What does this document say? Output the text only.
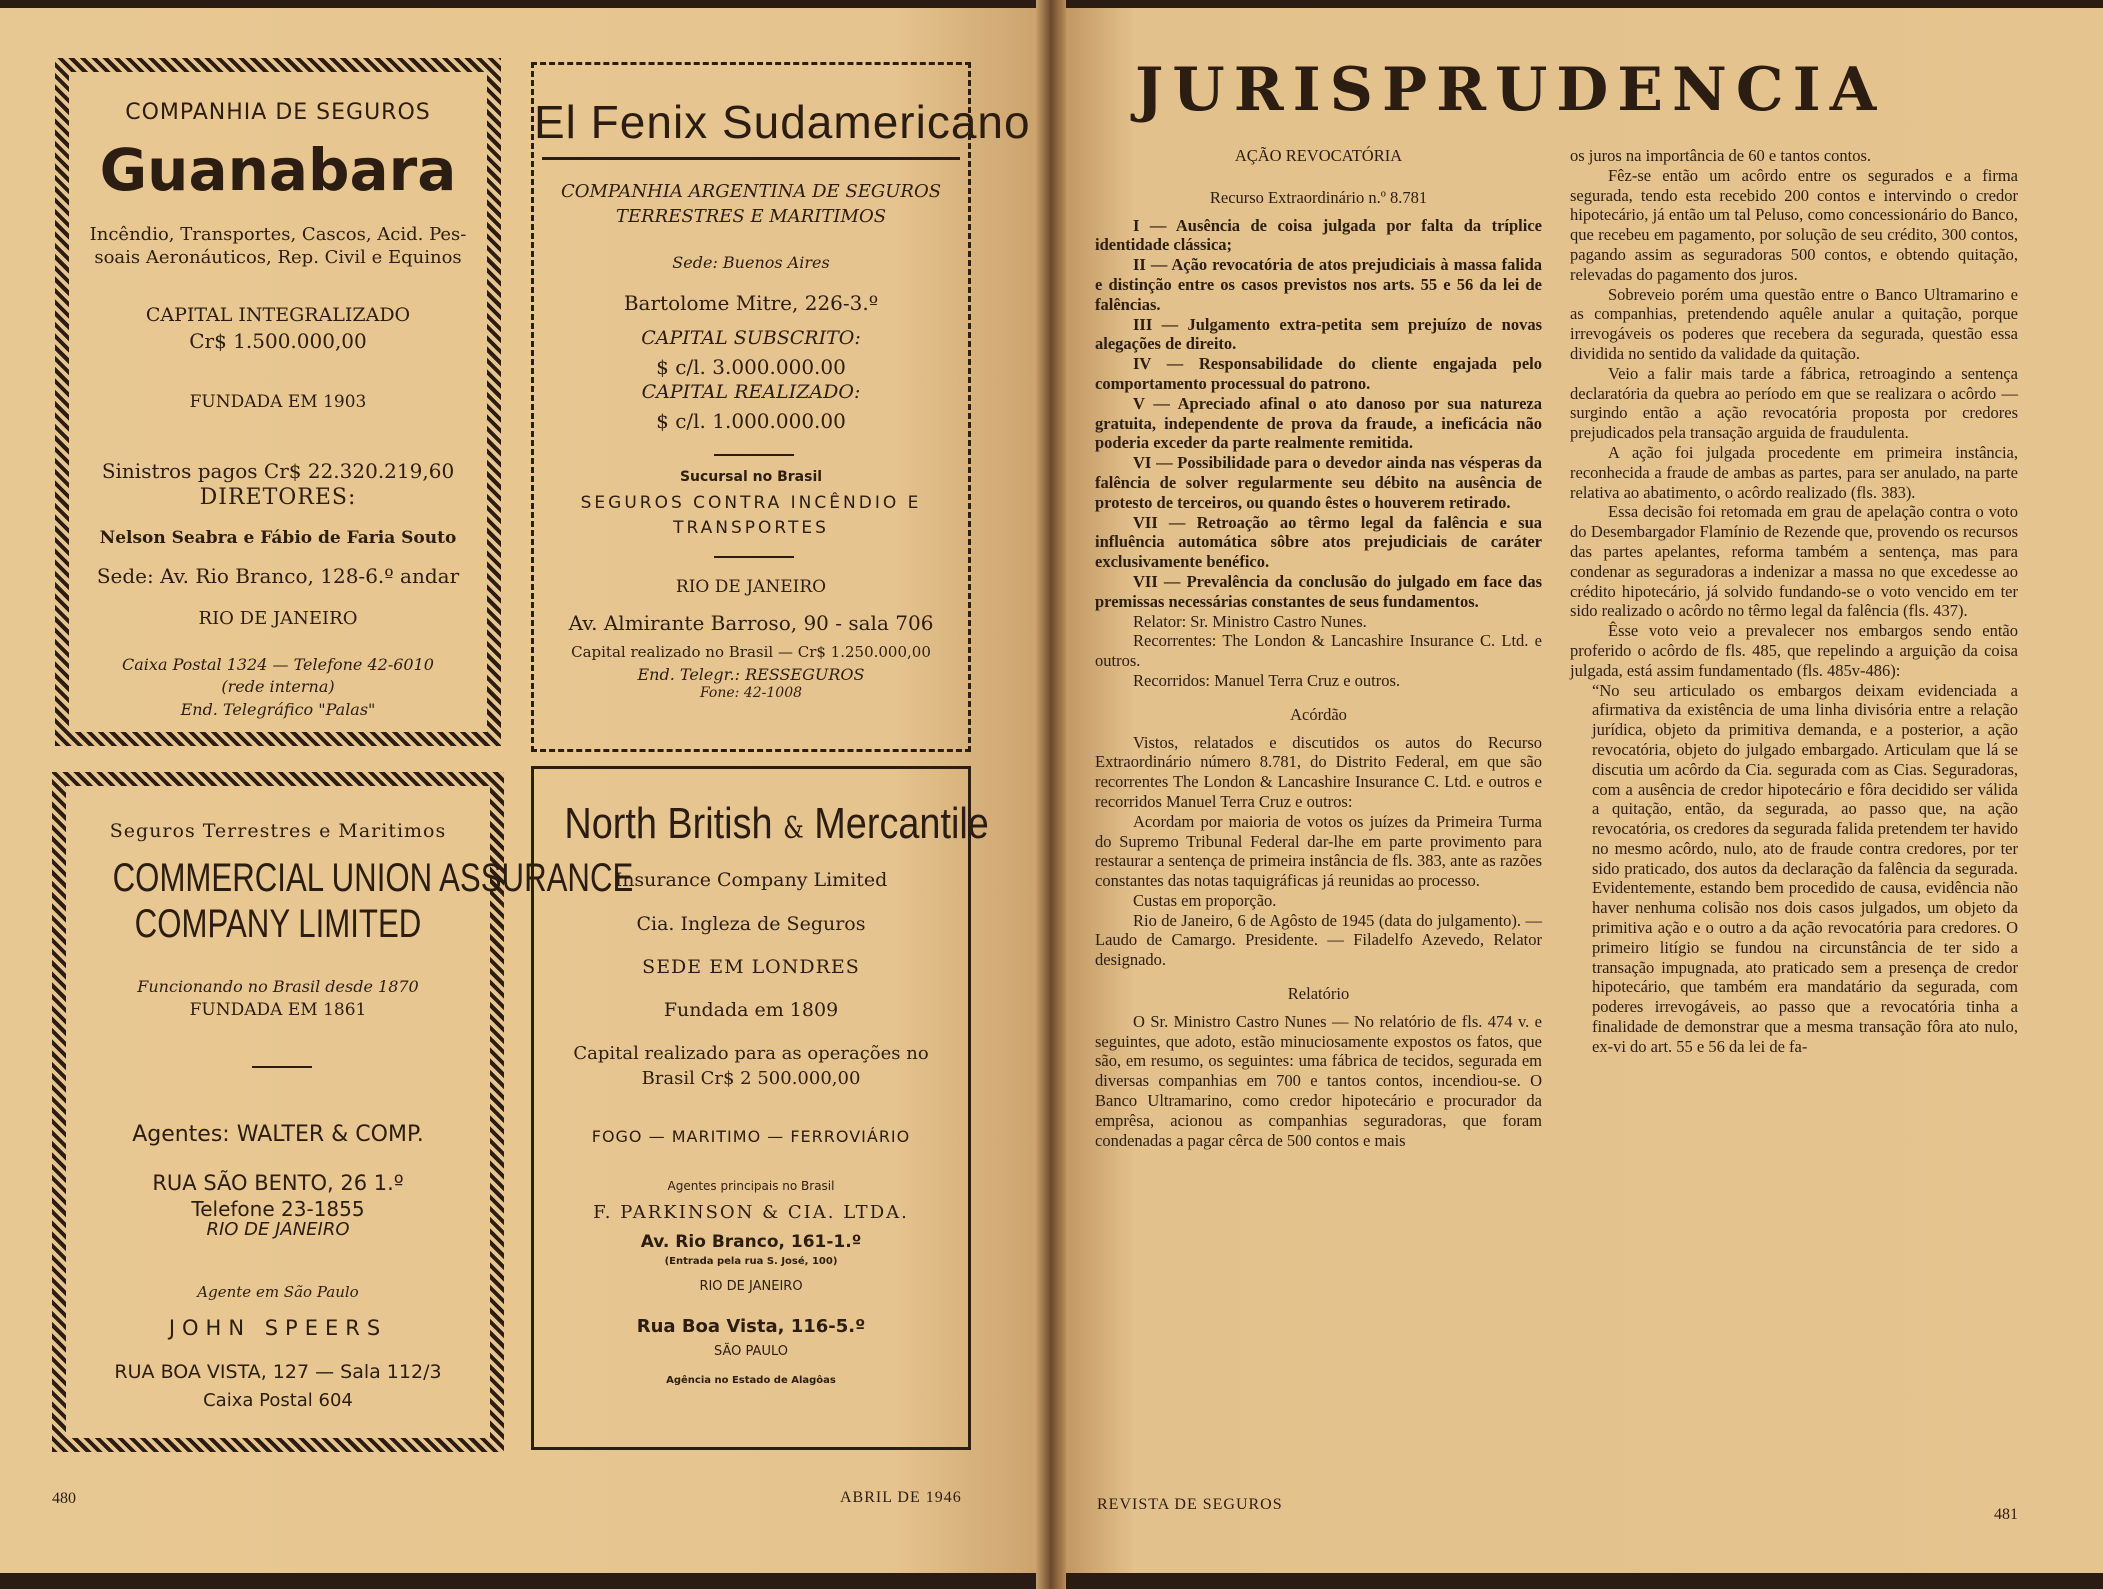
COMPANHIA DE SEGUROS
Guanabara
Incêndio, Transportes, Cascos, Acid. Pes-
soais Aeronáuticos, Rep. Civil e Equinos
CAPITAL INTEGRALIZADO
Cr$ 1.500.000,00
FUNDADA EM 1903
Sinistros pagos Cr$ 22.320.219,60
DIRETORES:
Nelson Seabra e Fábio de Faria Souto
Sede: Av. Rio Branco, 128-6.º andar
RIO DE JANEIRO
Caixa Postal 1324 — Telefone 42-6010
(rede interna)
End. Telegráfico "Palas"
El Fenix Sudamericano
COMPANHIA ARGENTINA DE SEGUROS
TERRESTRES E MARITIMOS
Sede: Buenos Aires
Bartolome Mitre, 226-3.º
CAPITAL SUBSCRITO:
$ c/l. 3.000.000.00
CAPITAL REALIZADO:
$ c/l. 1.000.000.00
Sucursal no Brasil
SEGUROS CONTRA INCÊNDIO E
TRANSPORTES
RIO DE JANEIRO
Av. Almirante Barroso, 90 - sala 706
Capital realizado no Brasil — Cr$ 1.250.000,00
End. Telegr.: RESSEGUROS
Fone: 42-1008
Seguros Terrestres e Maritimos
COMMERCIAL UNION ASSURANCE
COMPANY LIMITED
Funcionando no Brasil desde 1870
FUNDADA EM 1861
Agentes: WALTER & COMP.
RUA SÃO BENTO, 26 1.º
Telefone 23-1855
RIO DE JANEIRO
Agente em São Paulo
JOHN SPEERS
RUA BOA VISTA, 127 — Sala 112/3
Caixa Postal 604
North British & Mercantile
Insurance Company Limited
Cia. Ingleza de Seguros
SEDE EM LONDRES
Fundada em 1809
Capital realizado para as operações no
Brasil Cr$ 2 500.000,00
FOGO — MARITIMO — FERROVIÁRIO
Agentes principais no Brasil
F. PARKINSON & CIA. LTDA.
Av. Rio Branco, 161-1.º
(Entrada pela rua S. José, 100)
RIO DE JANEIRO
Rua Boa Vista, 116-5.º
SÃO PAULO
Agência no Estado de Alagôas
480	ABRIL DE 1946
JURISPRUDENCIA

AÇÃO REVOCATÓRIA

Recurso Extraordinário n.º 8.781

I — Ausência de coisa julgada por falta da tríplice identidade clássica;

II — Ação revocatória de atos prejudiciais à massa falida e distinção entre os casos previstos nos arts. 55 e 56 da lei de falências.

III — Julgamento extra-petita sem prejuízo de novas alegações de direito.

IV — Responsabilidade do cliente engajada pelo comportamento processual do patrono.

V — Apreciado afinal o ato danoso por sua natureza gratuita, independente de prova da fraude, a ineficácia não poderia exceder da parte realmente remitida.

VI — Possibilidade para o devedor ainda nas vésperas da falência de solver regularmente seu débito na ausência de protesto de terceiros, ou quando êstes o houverem retirado.

VII — Retroação ao têrmo legal da falência e sua influência automática sôbre atos prejudiciais de caráter exclusivamente benéfico.

VII — Prevalência da conclusão do julgado em face das premissas necessárias constantes de seus fundamentos.

Relator: Sr. Ministro Castro Nunes.

Recorrentes: The London & Lancashire Insurance C. Ltd. e outros.

Recorridos: Manuel Terra Cruz e outros.

Acórdão

Vistos, relatados e discutidos os autos do Recurso Extraordinário número 8.781, do Distrito Federal, em que são recorrentes The London & Lancashire Insurance C. Ltd. e outros e recorridos Manuel Terra Cruz e outros:

Acordam por maioria de votos os juízes da Primeira Turma do Supremo Tribunal Federal dar-lhe em parte provimento para restaurar a sentença de primeira instância de fls. 383, ante as razões constantes das notas taquigráficas já reunidas ao processo.

Custas em proporção.

Rio de Janeiro, 6 de Agôsto de 1945 (data do julgamento). — Laudo de Camargo. Presidente. — Filadelfo Azevedo, Relator designado.

Relatório

O Sr. Ministro Castro Nunes — No relatório de fls. 474 v. e seguintes, que adoto, estão minuciosamente expostos os fatos, que são, em resumo, os seguintes: uma fábrica de tecidos, segurada em diversas companhias em 700 e tantos contos, incendiou-se. O Banco Ultramarino, como credor hipotecário e procurador da emprêsa, acionou as companhias seguradoras, que foram condenadas a pagar cêrca de 500 contos e mais

os juros na importância de 60 e tantos contos.

Fêz-se então um acôrdo entre os segurados e a firma segurada, tendo esta recebido 200 contos e intervindo o credor hipotecário, já então um tal Peluso, como concessionário do Banco, que recebeu em pagamento, por solução de seu crédito, 300 contos, pagando assim as seguradoras 500 contos, e obtendo quitação, relevadas do pagamento dos juros.

Sobreveio porém uma questão entre o Banco Ultramarino e as companhias, pretendendo aquêle anular a quitação, porque irrevogáveis os poderes que recebera da segurada, questão essa dividida no sentido da validade da quitação.

Veio a falir mais tarde a fábrica, retroagindo a sentença declaratória da quebra ao período em que se realizara o acôrdo — surgindo então a ação revocatória proposta por credores prejudicados pela transação arguida de fraudulenta.

A ação foi julgada procedente em primeira instância, reconhecida a fraude de ambas as partes, para ser anulado, na parte relativa ao abatimento, o acôrdo realizado (fls. 383).

Essa decisão foi retomada em grau de apelação contra o voto do Desembargador Flamínio de Rezende que, provendo os recursos das partes apelantes, reforma também a sentença, mas para condenar as seguradoras a indenizar a massa no que excedesse ao crédito hipotecário, já solvido fundando-se o voto vencido em ter sido realizado o acôrdo no têrmo legal da falência (fls. 437).

Êsse voto veio a prevalecer nos embargos sendo então proferido o acôrdo de fls. 485, que repelindo a arguição da coisa julgada, está assim fundamentado (fls. 485v-486):

“No seu articulado os embargos deixam evidenciada a afirmativa da existência de uma linha divisória entre a relação jurídica, objeto da primitiva demanda, e a posterior, a ação revocatória, objeto do julgado embargado. Articulam que lá se discutia um acôrdo da Cia. segurada com as Cias. Seguradoras, com a ausência de credor hipotecário e fôra decidido ser válida a quitação, então, da segurada, ao passo que, na ação revocatória, os credores da segurada falida pretendem ter havido no mesmo acôrdo, nulo, ato de fraude contra credores, por ter sido praticado, dos autos da declaração da falência da segurada. Evidentemente, estando bem procedido de causa, evidência não haver nenhuma colisão nos dois casos julgados, um objeto da primitiva ação e o outro a da ação revocatória para credores. O primeiro litígio se fundou na circunstância de ter sido a transação impugnada, ato praticado sem a presença de credor hipotecário, que também era mandatário da segurada, com poderes irrevogáveis, ao passo que a revocatória tinha a finalidade de demonstrar que a mesma transação fôra ato nulo, ex-vi do art. 55 e 56 da lei de fa-

REVISTA DE SEGUROS
481
